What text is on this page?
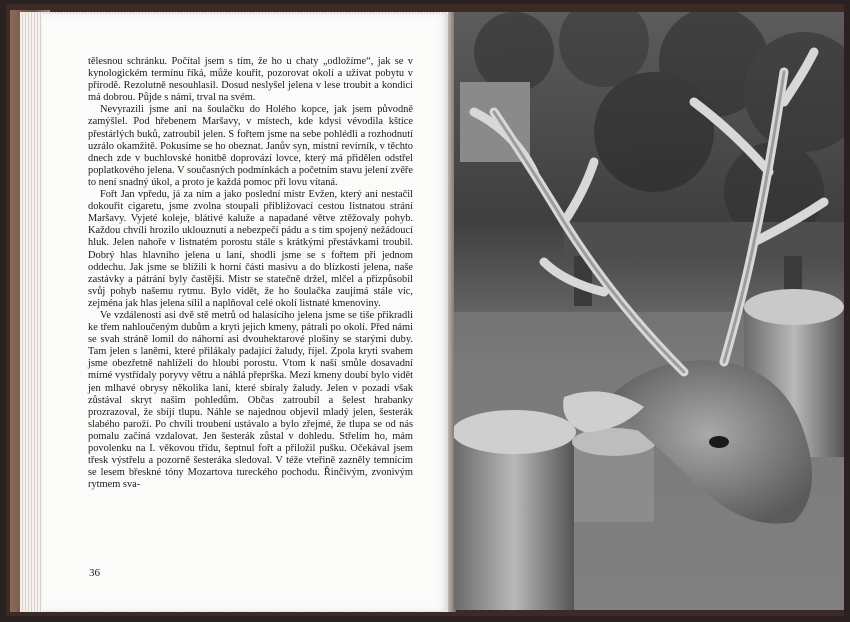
tělesnou schránku. Počítal jsem s tím, že ho u chaty „odložíme“, jak se v kynologickém termínu říká, může kouřit, pozorovat okolí a užívat pobytu v přírodě. Rezolutně nesouhlasil. Dosud neslyšel jelena v lese troubit a kondici má dobrou. Půjde s námi, trval na svém.

Nevyrazili jsme ani na šoulačku do Holého kopce, jak jsem původně zamýšlel. Pod hřebenem Maršavy, v místech, kde kdysi vévodila kštice přestárlých buků, zatroubil jelen. S fořtem jsme na sebe pohlédli a rozhodnutí uzrálo okamžitě. Pokusíme se ho obeznat. Janův syn, místní revírník, v těchto dnech zde v buchlovské honitbě doprovází lovce, který má přidělen odstřel poplatkového jelena. V současných podmínkách a početním stavu jelení zvěře to není snadný úkol, a proto je každá pomoc při lovu vítaná.

Fořt Jan vpředu, já za ním a jako poslední mistr Evžen, který ani nestačil dokouřit cigaretu, jsme zvolna stoupali přibližovací cestou listnatou strání Maršavy. Vyjeté koleje, blátivé kaluže a napadané větve ztěžovaly pohyb. Každou chvíli hrozilo uklouznutí a nebezpečí pádu a s tím spojený nežádoucí hluk. Jelen nahoře v listnatém porostu stále s krátkými přestávkami troubil. Dobrý hlas hlavního jelena u laní, shodli jsme se s fořtem při jednom oddechu. Jak jsme se blížili k horní části masivu a do blízkosti jelena, naše zastávky a pátrání byly častější. Mistr se statečně držel, mlčel a přizpůsobil svůj pohyb našemu rytmu. Bylo vidět, že ho šoulačka zaujímá stále víc, zejména jak hlas jelena sílil a naplňoval celé okolí listnaté kmenoviny.

Ve vzdálenosti asi dvě stě metrů od halasícího jelena jsme se tiše přikradli ke třem nahloučeným dubům a kryti jejich kmeny, pátrali po okolí. Před námi se svah stráně lomil do náhorní asi dvouhektarové plošiny se starými duby. Tam jelen s laněmi, které přilákaly padající žaludy, říjel. Zpola kryti svahem jsme obezřetně nahlíželi do hloubi porostu. Vtom k naší smůle dosavadní mírné vystřídaly poryvy větru a náhlá přeprška. Mezi kmeny doubí bylo vidět jen mlhavé obrysy několika laní, které sbíraly žaludy. Jelen v pozadí však zůstával skryt našim pohledům. Občas zatroubil a šelest hrabanky prozrazoval, že sbíjí tlupu. Náhle se najednou objevil mladý jelen, šesterák slabého paroží. Po chvíli troubení ustávalo a bylo zřejmé, že tlupa se od nás pomalu začíná vzdalovat. Jen šesterák zůstal v dohledu. Střelím ho, mám povolenku na I. věkovou třídu, šeptnul fořt a přiložil pušku. Očekával jsem třesk výstřelu a pozorně šesteráka sledoval. V téže vteřině zazněly temnícím se lesem břeskné tóny Mozartova tureckého pochodu. Řinčivým, zvonivým rytmem sva-

36
